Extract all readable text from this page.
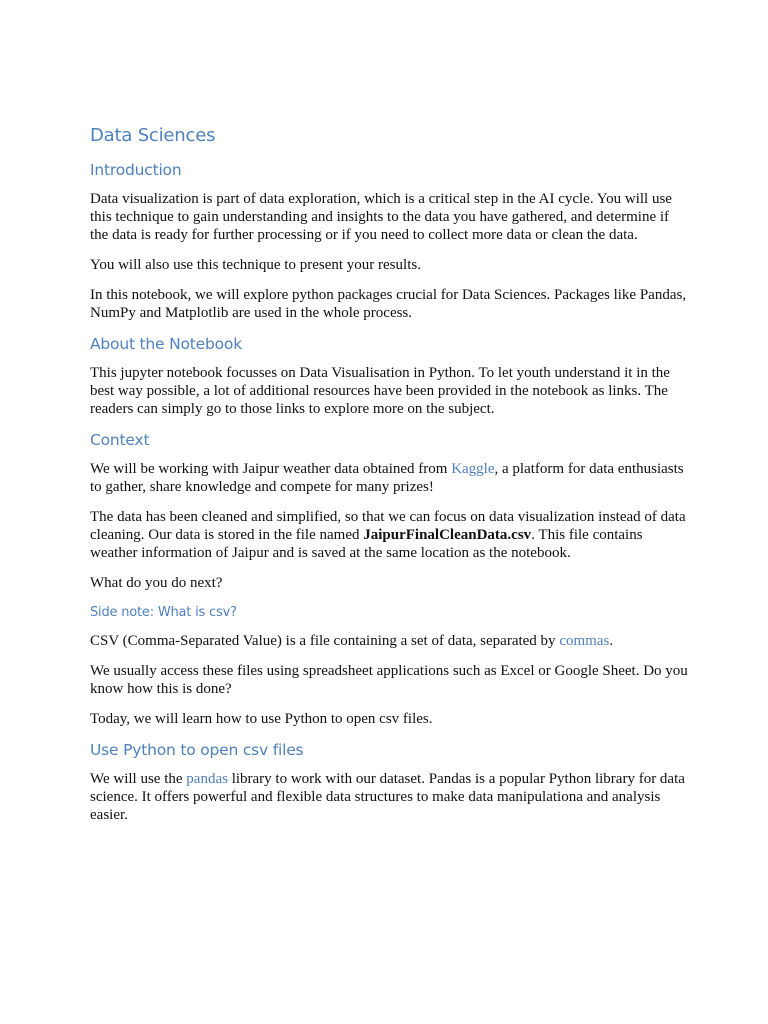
Data Sciences
Introduction

Data visualization is part of data exploration, which is a critical step in the AI cycle. You will use this technique to gain understanding and insights to the data you have gathered, and determine if the data is ready for further processing or if you need to collect more data or clean the data.

You will also use this technique to present your results.

In this notebook, we will explore python packages crucial for Data Sciences. Packages like Pandas, NumPy and Matplotlib are used in the whole process.

About the Notebook

This jupyter notebook focusses on Data Visualisation in Python. To let youth understand it in the best way possible, a lot of additional resources have been provided in the notebook as links. The readers can simply go to those links to explore more on the subject.

Context

We will be working with Jaipur weather data obtained from Kaggle, a platform for data enthusiasts to gather, share knowledge and compete for many prizes!

The data has been cleaned and simplified, so that we can focus on data visualization instead of data cleaning. Our data is stored in the file named JaipurFinalCleanData.csv. This file contains weather information of Jaipur and is saved at the same location as the notebook.

What do you do next?

Side note: What is csv?

CSV (Comma-Separated Value) is a file containing a set of data, separated by commas.

We usually access these files using spreadsheet applications such as Excel or Google Sheet. Do you know how this is done?

Today, we will learn how to use Python to open csv files.

Use Python to open csv files

We will use the pandas library to work with our dataset. Pandas is a popular Python library for data science. It offers powerful and flexible data structures to make data manipulationa and analysis easier.
